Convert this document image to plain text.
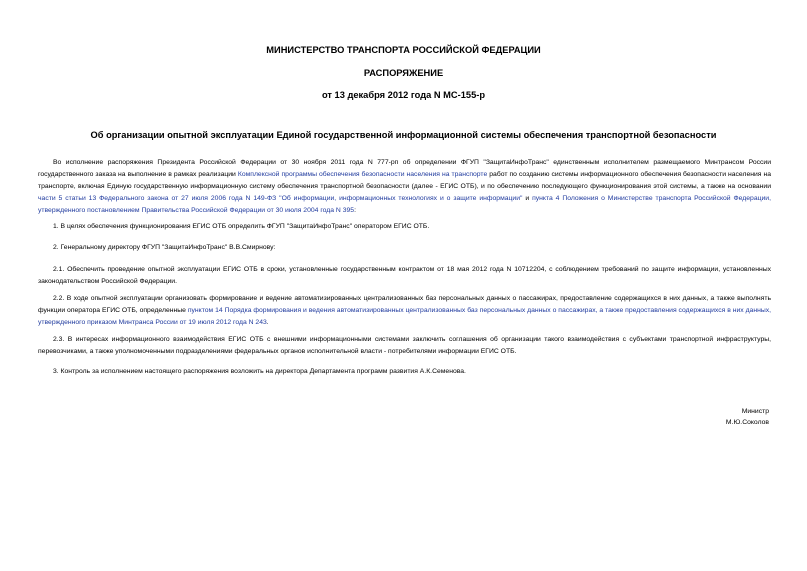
МИНИСТЕРСТВО ТРАНСПОРТА РОССИЙСКОЙ ФЕДЕРАЦИИ
РАСПОРЯЖЕНИЕ
от 13 декабря 2012 года N МС-155-р
Об организации опытной эксплуатации Единой государственной информационной системы обеспечения транспортной безопасности
Во исполнение распоряжения Президента Российской Федерации от 30 ноября 2011 года N 777-рп об определении ФГУП "ЗащитаИнфоТранс" единственным исполнителем размещаемого Минтрансом России государственного заказа на выполнение в рамках реализации Комплексной программы обеспечения безопасности населения на транспорте работ по созданию системы информационного обеспечения безопасности населения на транспорте, включая Единую государственную информационную систему обеспечения транспортной безопасности (далее - ЕГИС ОТБ), и по обеспечению последующего функционирования этой системы, а также на основании части 5 статьи 13 Федерального закона от 27 июля 2006 года N 149-ФЗ "Об информации, информационных технологиях и о защите информации" и пункта 4 Положения о Министерстве транспорта Российской Федерации, утвержденного постановлением Правительства Российской Федерации от 30 июля 2004 года N 395:
1. В целях обеспечения функционирования ЕГИС ОТБ определить ФГУП "ЗащитаИнфоТранс" оператором ЕГИС ОТБ.
2. Генеральному директору ФГУП "ЗащитаИнфоТранс" В.В.Смирнову:
2.1. Обеспечить проведение опытной эксплуатации ЕГИС ОТБ в сроки, установленные государственным контрактом от 18 мая 2012 года N 10712204, с соблюдением требований по защите информации, установленных законодательством Российской Федерации.
2.2. В ходе опытной эксплуатации организовать формирование и ведение автоматизированных централизованных баз персональных данных о пассажирах, предоставление содержащихся в них данных, а также выполнять функции оператора ЕГИС ОТБ, определенные пунктом 14 Порядка формирования и ведения автоматизированных централизованных баз персональных данных о пассажирах, а также предоставления содержащихся в них данных, утвержденного приказом Минтранса России от 19 июля 2012 года N 243.
2.3. В интересах информационного взаимодействия ЕГИС ОТБ с внешними информационными системами заключить соглашения об организации такого взаимодействия с субъектами транспортной инфраструктуры, перевозчиками, а также уполномоченными подразделениями федеральных органов исполнительной власти - потребителями информации ЕГИС ОТБ.
3. Контроль за исполнением настоящего распоряжения возложить на директора Департамента программ развития А.К.Семенова.
Министр
М.Ю.Соколов
